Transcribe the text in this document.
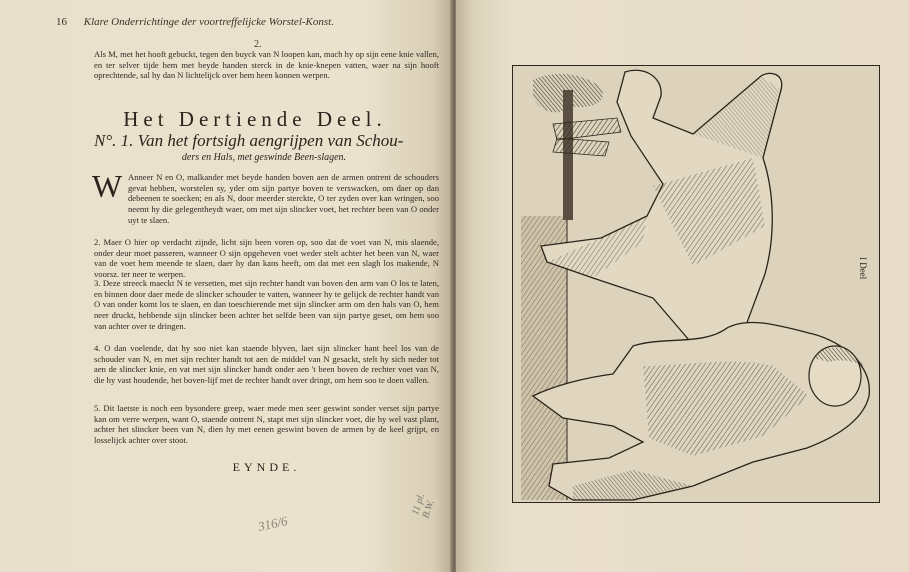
16 Klare Onderrichtinge der voortreffelijcke Worstel-Konst.
2.
Als M, met het hooft gebuckt, tegen den buyck van N loopen kan, mach hy op sijn eene knie vallen, en ter selver tijde hem met beyde handen sterck in de knie-knepen vatten, waer na sijn hooft oprechtende, sal hy dan N lichtelijck over hem heen konnen werpen.
Het Dertiende Deel.
N°. 1. Van het fortsigh aengrijpen van Schou-
ders en Hals, met geswinde Been-slagen.
W Anneer N en O, malkander met beyde handen boven aen de armen ontrent de schouders gevat hebben, worstelen sy, yder om sijn partye boven te verswacken, om daer op dan debeenen te soecken; en als N, door meerder sterckte, O ter zyden over kan wringen, soo neemt hy die gelegentheydt waer, om met sijn slincker voet, het rechter been van O onder uyt te slaen.
2. Maer O hier op verdacht zijnde, licht sijn been voren op, soo dat de voet van N, mis slaende, onder deur moet passeren, wanneer O sijn opgeheven voet weder stelt achter het been van N, waer van de voet hem meende te slaen, daer hy dan kans heeft, om dat met een slagh los makende, N voorsz. ter neer te werpen.
3. Deze streeck maeckt N te versetten, met sijn rechter handt van boven den arm van O los te laten, en binnen door daer mede de slincker schouder te vatten, wanneer hy te gelijck de rechter handt van O van onder komt los te slaen, en dan toeschierende met sijn slincker arm om den hals van O, hem neer druckt, hebbende sijn slincker been achter het selfde been van sijn partye geset, om hem soo van achter over te dringen.
4. O dan voelende, dat hy soo niet kan staende blyven, laet sijn slincker hant heel los van de schouder van N, en met sijn rechter handt tot aen de middel van N gesackt, stelt hy sich neder tot aen de slincker knie, en vat met sijn slincker handt onder aen 't been boven de rechter voet van N, die hy vast houdende, het boven-lijf met de rechter handt over dringt, om hem soo te doen vallen.
5. Dit laetste is noch een bysondere greep, waer mede men seer geswint sonder verset sijn partye kan om verre werpen, want O, staende ontrent N, stapt met sijn slincker voet, die hy wel vast plant, achter het slincker been van N, dien hy met eenen geswint boven de armen by de keel grijpt, en losselijck achter over stoot.
EYNDE.
316/6
11 pl. B.W.
I Deel
